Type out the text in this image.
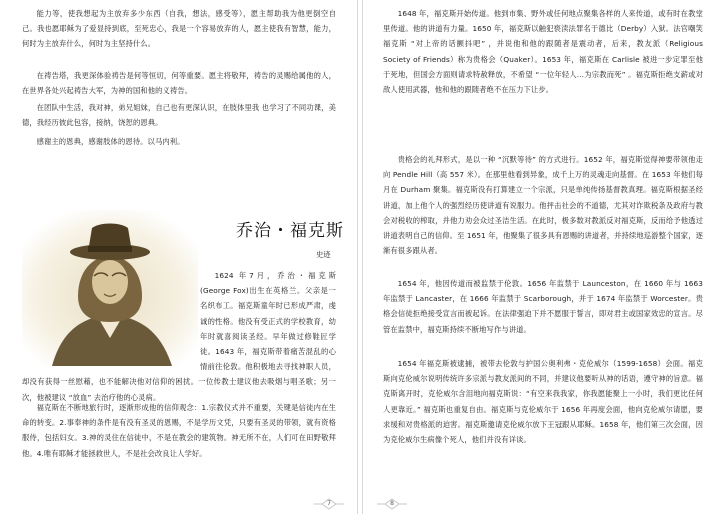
能力等，使我想起为主放弃多少东西（自我，想法，感受等），愿主帮助我为他更倒空自己。我也愿耶稣为了爱显持到底，至死忠心，我是一个容易放弃的人，愿主使我有智慧，能力，何时为主放弃什么，何时为主坚持什么。

在祷告塔，我更深体验祷告是何等恒切，何等重要。愿主将敬拜，祷告的灵赐给属他的人，在世界各处兴起祷告大军，为神的国和他的义祷告。

在团队中生活，我对神，弟兄姐妹，自己也有更深认识，在肢体里我 也学习了不同功课，美德，我经历彼此包容，接纳，饶恕的恩典。

感谢主的恩典，感谢肢体的恩待。以马内利。

乔治・福克斯
史迹

1624 年7月，乔治・福克斯(George Fox)出生在英格兰。父亲是一名织布工。福克斯童年时已形成严肃，虔诚的性格。他没有受正式的学校教育，幼年时就喜阅读圣经。早年做过修鞋匠学徒。1643 年，福克斯带着痛苦混乱的心情前往伦敦。他积极地去寻找神职人员，却没有获得一丝慰藉，也不能解决他对信仰的困扰。一位传教士建议他去吸烟与唱圣歌；另一次，他被建议 “放血” 去治疗他的心灵病。

福克斯在不断地旅行时，逐渐形成他的信仰观念：1.宗教仪式并不重要，关键是信徒内在生命的转变。2.事奉神的条件是有没有圣灵的恩赐，不是学历文凭，只要有圣灵的带领，就有资格服侍，包括妇女。3.神的灵住在信徒中，不是在教会的建筑物。神无所不在，人们可在田野敬拜他。4.唯有耶稣才能拯救世人，不是社会改良让人学好。

7

1648 年，福克斯开始传道。他到市集、野外或任何地点聚集各样的人来传道，或有时在教堂里传道。他的讲道有力量。1650 年，福克斯以触犯亵渎法罪名于德比（Derby）入狱。法官嘲笑福克斯 “对上帝的话颤抖吧” ，并说他和他的跟随者是震动者，后来，教友派（Religious Society of Friends）称为贵格会（Quaker）。1653 年，福克斯在 Carlisle 被进一步定罪至他于死地，但国会方面则请求特赦释放，不希望 “一位年轻人…为宗教而死” 。福克斯拒绝支薪或对敌人使用武器，他和他的跟随者绝不在压力下让步。

贵格会的礼拜形式，是以一种 “沉默等待” 的方式进行。1652 年，福克斯觉得神要带领他走向 Pendle Hill（高 557 米）。在那里他看到异象，成千上万的灵魂走向基督。在 1653 年他们每月在 Durham 聚集。福克斯没有打算建立一个宗派，只是单纯传扬基督教真理。福克斯根据圣经讲道，加上他个人的强烈经历使讲道有说服力。他抨击社会的不道德，尤其对诈欺税条及政府与教会对税收的榨取，并他力劝会众过圣洁生活。在此时，极多数对教派反对福克斯，反而给予他透过讲道表明自己的信仰。至 1651 年，他聚集了很多具有恩赐的讲道者，并持续地巡游整个国家，逐渐有很多跟从者。

1654 年，他因传道而被监禁于伦敦。1656 年监禁于 Launceston，在 1660 年与 1663 年监禁于 Lancaster，在 1666 年监禁于 Scarborough，并于 1674 年监禁于 Worcester。贵格会信徒拒绝接受宣言而被起诉。在法律强迫下并不愿服于誓言，即对君主或国家效忠的宣言。尽管在监禁中，福克斯持续不断地写作与讲道。

1654 年福克斯被逮捕，被带去伦敦与护国公奥利弗・克伦威尔（1599-1658）会面。福克斯向克伦威尔说明传统许多宗派与教友派间的不同，并建议他要听从神的话语，遵守神的旨意。福克斯离开时，克伦威尔含泪地向福克斯说：“有空来我我家，你我愿能聚上一小时，我们更比任何人更靠近。” 福克斯也重复自由。福克斯与克伦威尔于 1656 年再度会面，他向克伦威尔请愿，要求缓和对贵格派的迫害。福克斯邀请克伦威尔放下王冠跟从耶稣。1658 年，他们第三次会面，因为克伦威尔生病像个死人，他们并没有详谈。

8
